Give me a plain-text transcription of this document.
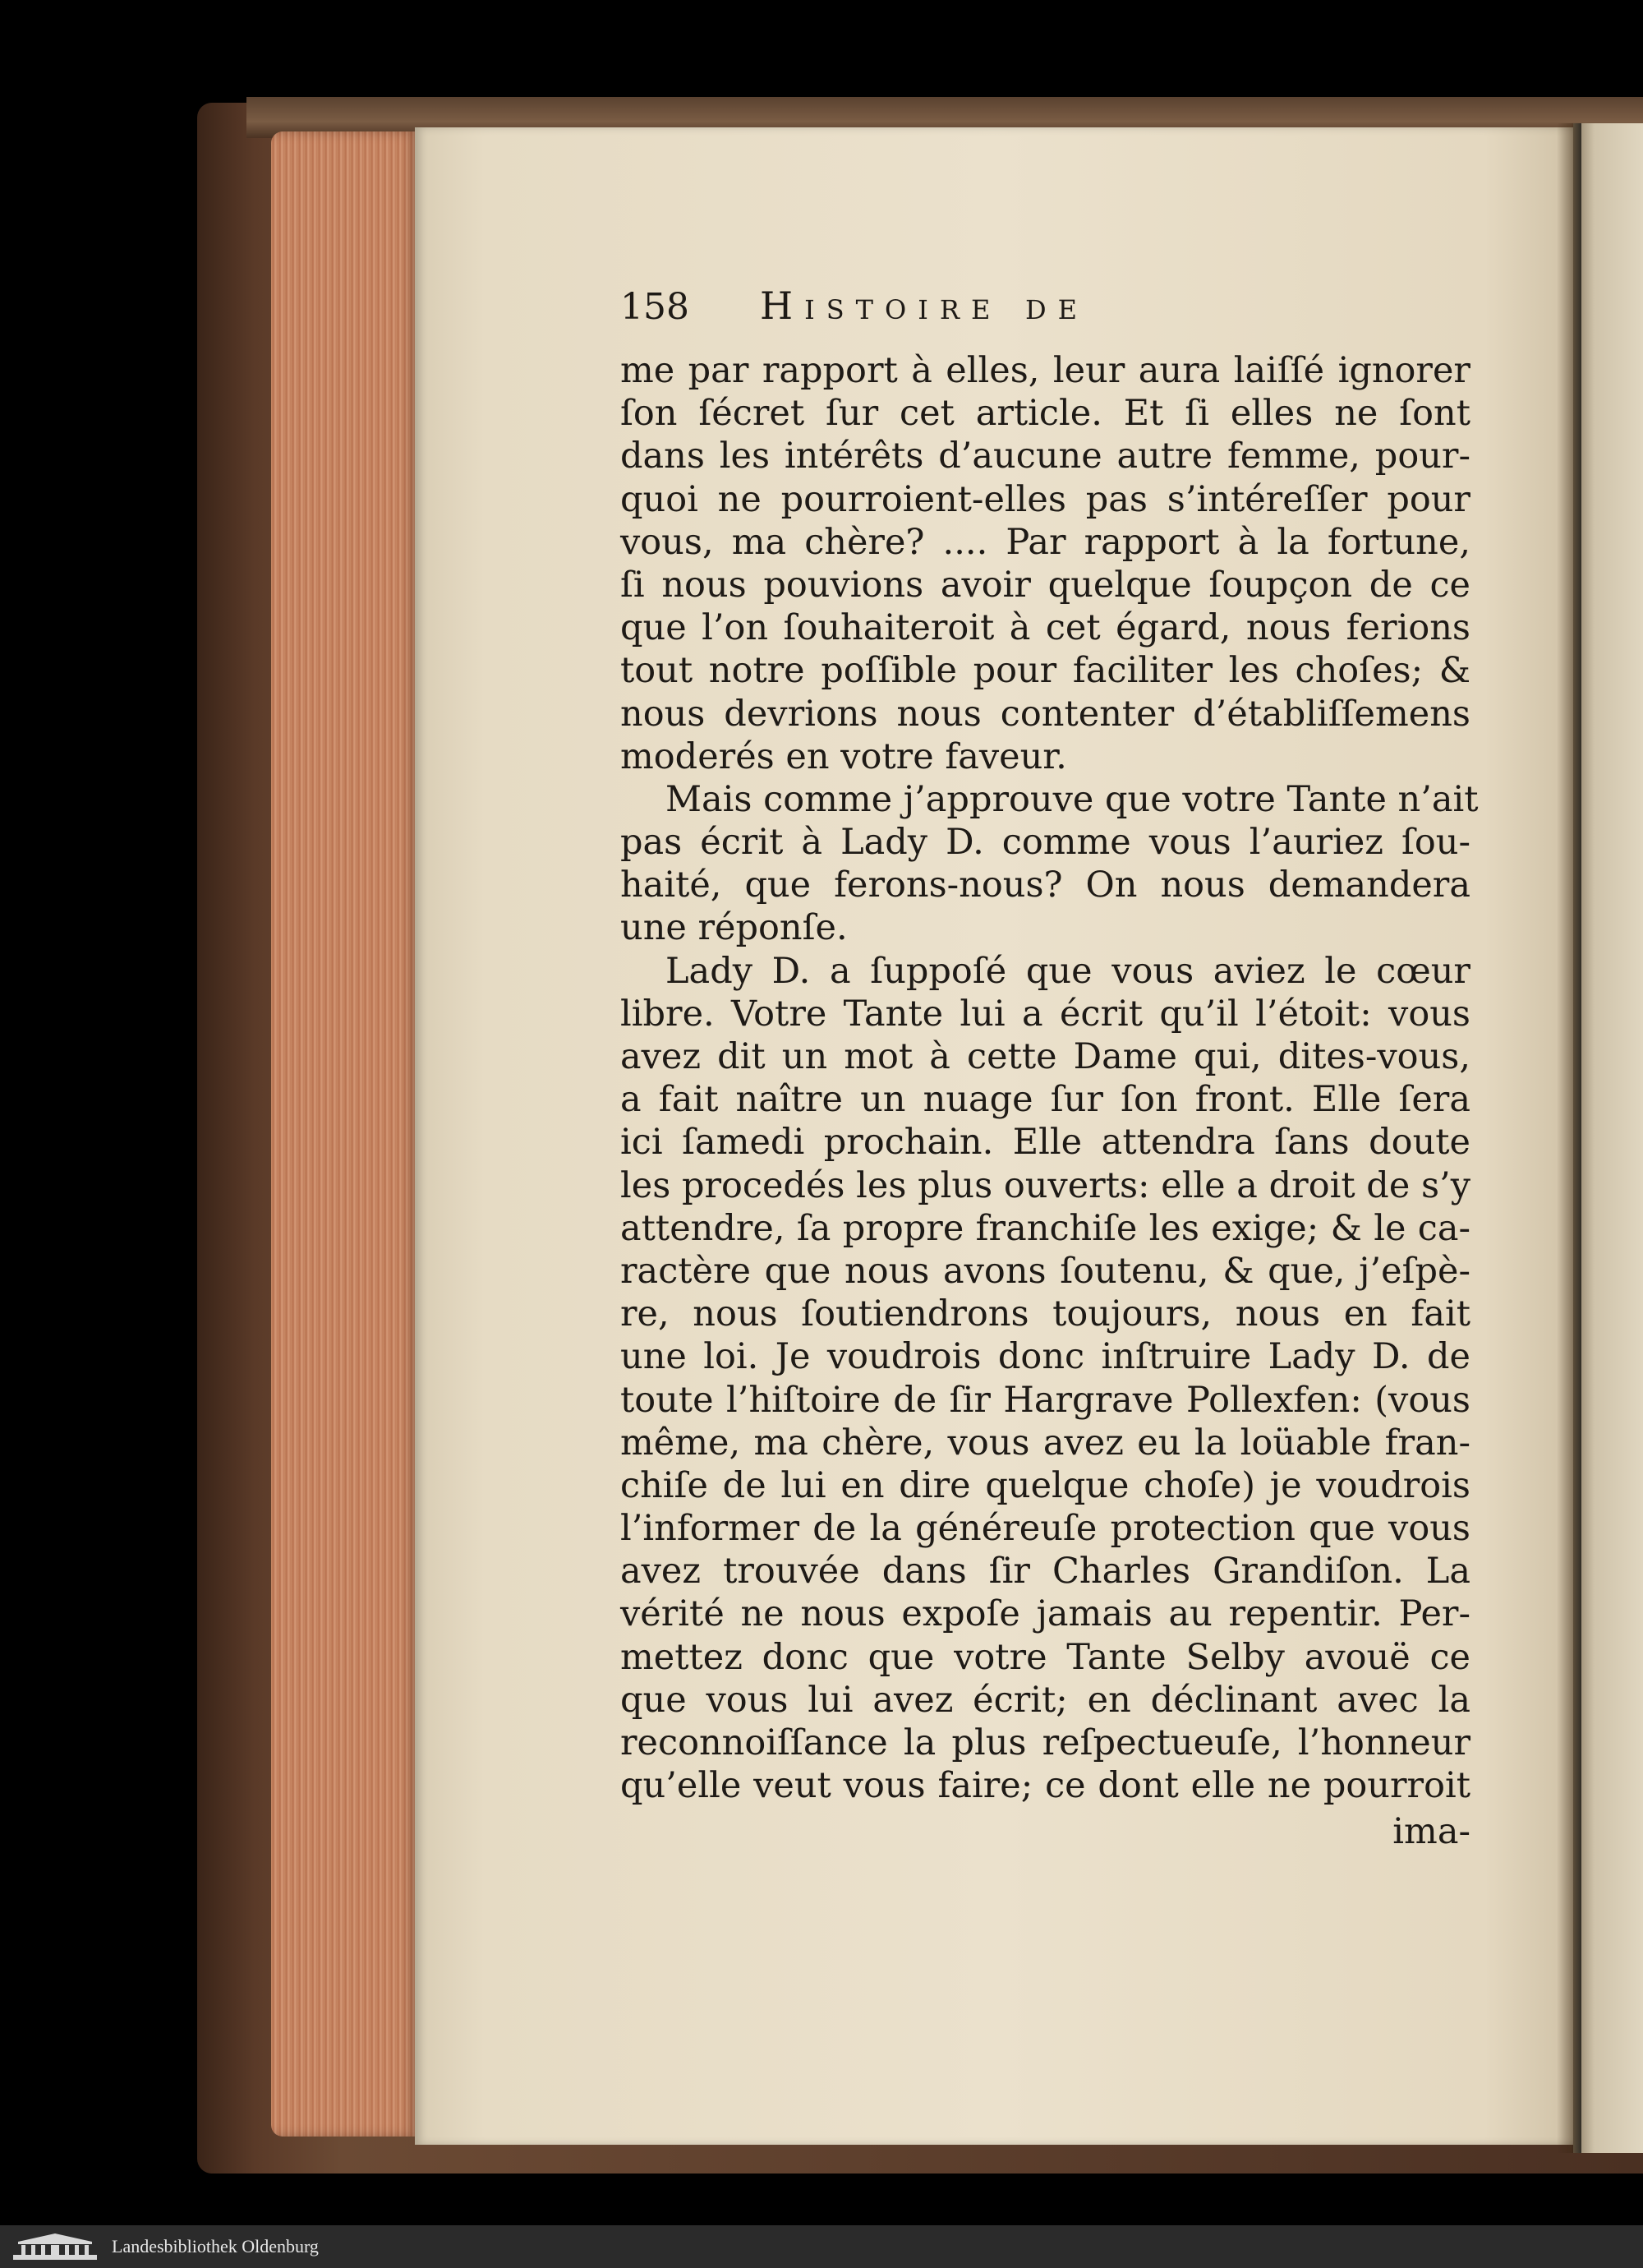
158	Histoire de
me par rapport à elles, leur aura laiſſé ignorer
ſon ſécret ſur cet article. Et ſi elles ne ſont
dans les intérêts d’aucune autre femme, pour-
quoi ne pourroient-elles pas s’intéreſſer pour
vous, ma chère? .... Par rapport à la fortune,
ſi nous pouvions avoir quelque ſoupçon de ce
que l’on ſouhaiteroit à cet égard, nous ferions
tout notre poſſible pour faciliter les choſes; &
nous devrions nous contenter d’établiſſemens
moderés en votre faveur.
Mais comme j’approuve que votre Tante n’ait
pas écrit à Lady D. comme vous l’auriez ſou-
haité, que ferons-nous? On nous demandera
une réponſe.
Lady D. a ſuppoſé que vous aviez le cœur
libre. Votre Tante lui a écrit qu’il l’étoit: vous
avez dit un mot à cette Dame qui, dites-vous,
a fait naître un nuage ſur ſon front. Elle ſera
ici ſamedi prochain. Elle attendra ſans doute
les procedés les plus ouverts: elle a droit de s’y
attendre, ſa propre franchiſe les exige; & le ca-
ractère que nous avons ſoutenu, & que, j’eſpè-
re, nous ſoutiendrons toujours, nous en fait
une loi. Je voudrois donc inſtruire Lady D. de
toute l’hiſtoire de ſir Hargrave Pollexfen: (vous
même, ma chère, vous avez eu la loüable fran-
chiſe de lui en dire quelque choſe) je voudrois
l’informer de la généreuſe protection que vous
avez trouvée dans ſir Charles Grandiſon. La
vérité ne nous expoſe jamais au repentir. Per-
mettez donc que votre Tante Selby avouë ce
que vous lui avez écrit; en déclinant avec la
reconnoiſſance la plus reſpectueuſe, l’honneur
qu’elle veut vous faire; ce dont elle ne pourroit
ima-
Landesbibliothek Oldenburg
